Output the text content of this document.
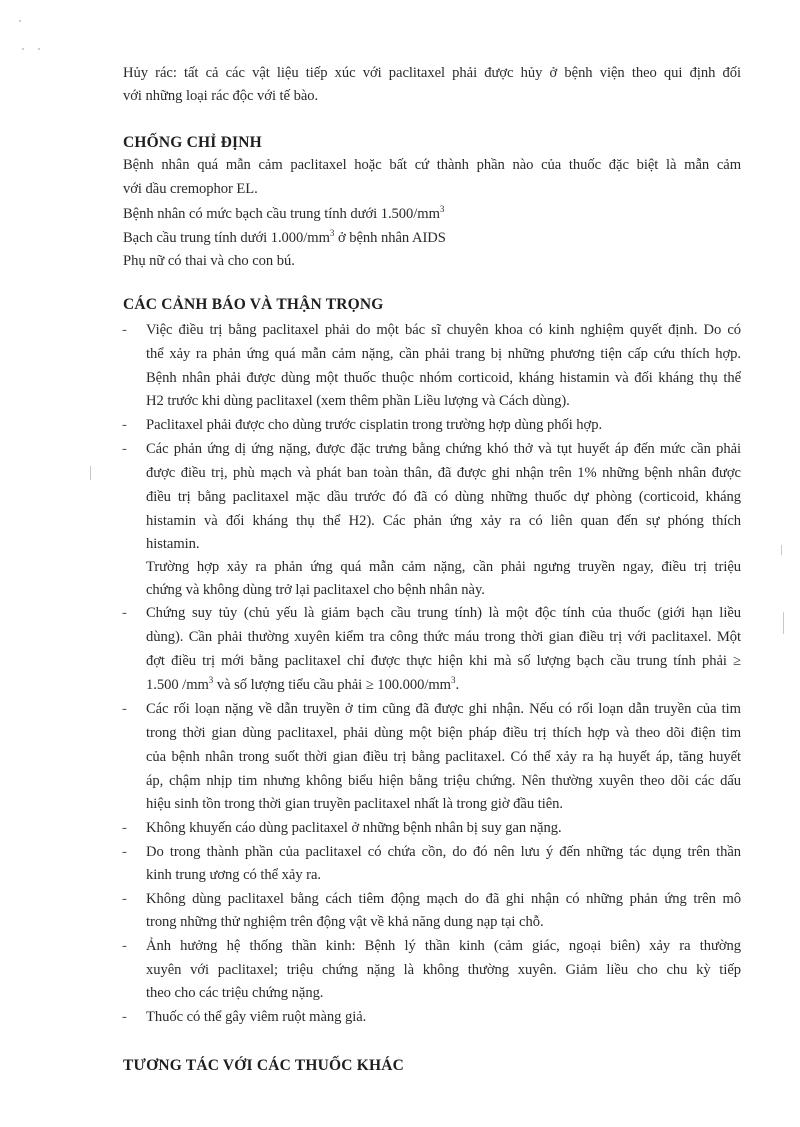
Hủy rác: tất cả các vật liệu tiếp xúc với paclitaxel phải được hủy ở bệnh viện theo qui định đối
với những loại rác độc với tế bào.
CHỐNG CHỈ ĐỊNH
Bệnh nhân quá mẫn cảm paclitaxel hoặc bất cứ thành phần nào của thuốc đặc biệt là mẫn cảm
với dầu cremophor EL.
Bệnh nhân có mức bạch cầu trung tính dưới $1.500/mm^3$
Bạch cầu trung tính dưới $1.000/mm^3$ ở bệnh nhân AIDS
Phụ nữ có thai và cho con bú.
CÁC CẢNH BÁO VÀ THẬN TRỌNG
- Việc điều trị bằng paclitaxel phải do một bác sĩ chuyên khoa có kinh nghiệm quyết định. Do có
thể xảy ra phản ứng quá mẫn cảm nặng, cần phải trang bị những phương tiện cấp cứu thích hợp.
Bệnh nhân phải được dùng một thuốc thuộc nhóm corticoid, kháng histamin và đối kháng thụ thể
H2 trước khi dùng paclitaxel (xem thêm phần Liều lượng và Cách dùng).
- Paclitaxel phải được cho dùng trước cisplatin trong trường hợp dùng phối hợp.
- Các phản ứng dị ứng nặng, được đặc trưng bằng chứng khó thở và tụt huyết áp đến mức cần phải
được điều trị, phù mạch và phát ban toàn thân, đã được ghi nhận trên 1% những bệnh nhân được
điều trị bằng paclitaxel mặc dầu trước đó đã có dùng những thuốc dự phòng (corticoid, kháng
histamin và đối kháng thụ thể H2). Các phản ứng xảy ra có liên quan đến sự phóng thích
histamin.
Trường hợp xảy ra phản ứng quá mẫn cảm nặng, cần phải ngưng truyền ngay, điều trị triệu
chứng và không dùng trở lại paclitaxel cho bệnh nhân này.
- Chứng suy tủy (chủ yếu là giảm bạch cầu trung tính) là một độc tính của thuốc (giới hạn liều
dùng). Cần phải thường xuyên kiểm tra công thức máu trong thời gian điều trị với paclitaxel. Một
đợt điều trị mới bằng paclitaxel chỉ được thực hiện khi mà số lượng bạch cầu trung tính phải ≥
1.500 $/mm^3$ và số lượng tiểu cầu phải ≥ $100.000/mm^3$.
- Các rối loạn nặng về dẫn truyền ở tim cũng đã được ghi nhận. Nếu có rối loạn dẫn truyền của tim
trong thời gian dùng paclitaxel, phải dùng một biện pháp điều trị thích hợp và theo dõi điện tim
của bệnh nhân trong suốt thời gian điều trị bằng paclitaxel. Có thể xảy ra hạ huyết áp, tăng huyết
áp, chậm nhịp tim nhưng không biểu hiện bằng triệu chứng. Nên thường xuyên theo dõi các dấu
hiệu sinh tồn trong thời gian truyền paclitaxel nhất là trong giờ đầu tiên.
- Không khuyến cáo dùng paclitaxel ở những bệnh nhân bị suy gan nặng.
- Do trong thành phần của paclitaxel có chứa cồn, do đó nên lưu ý đến những tác dụng trên thần
kinh trung ương có thể xảy ra.
- Không dùng paclitaxel bằng cách tiêm động mạch do đã ghi nhận có những phản ứng trên mô
trong những thử nghiệm trên động vật về khả năng dung nạp tại chỗ.
- Ảnh hưởng hệ thống thần kinh: Bệnh lý thần kinh (cảm giác, ngoại biên) xảy ra thường
xuyên với paclitaxel; triệu chứng nặng là không thường xuyên. Giảm liều cho chu kỳ tiếp
theo cho các triệu chứng nặng.
- Thuốc có thể gây viêm ruột màng giả.
TƯƠNG TÁC VỚI CÁC THUỐC KHÁC
